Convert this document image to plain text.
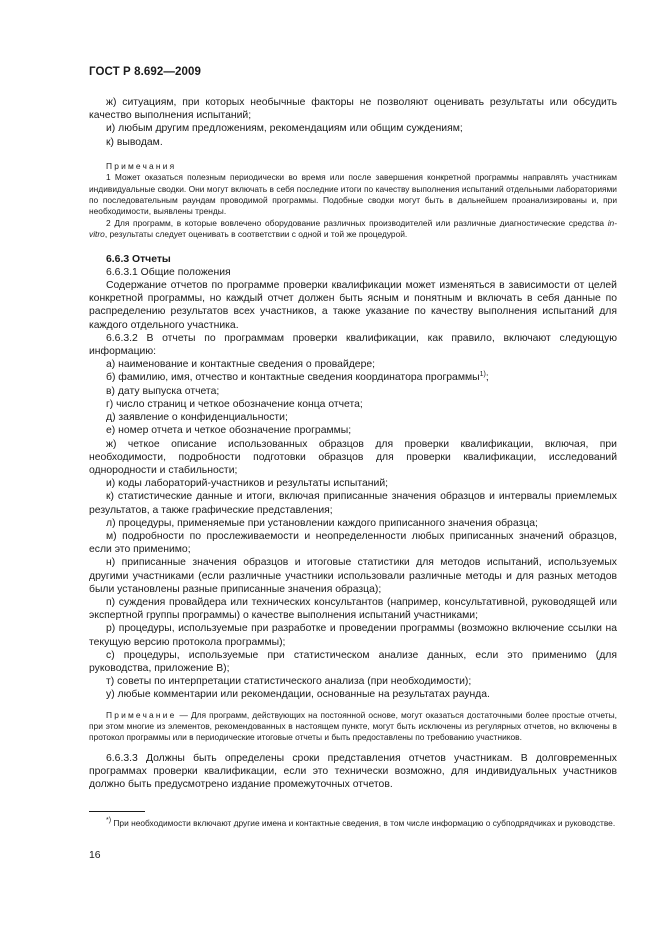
ГОСТ Р 8.692—2009

ж) ситуациям, при которых необычные факторы не позволяют оценивать результаты или обсудить качество выполнения испытаний;

и) любым другим предложениям, рекомендациям или общим суждениям;

к) выводам.

Примечания

1 Может оказаться полезным периодически во время или после завершения конкретной программы направлять участникам индивидуальные сводки. Они могут включать в себя последние итоги по качеству выполнения испытаний отдельными лабораториями по последовательным раундам проводимой программы. Подобные сводки могут быть в дальнейшем проанализированы и, при необходимости, выявлены тренды.

2 Для программ, в которые вовлечено оборудование различных производителей или различные диагностические средства in-vitro, результаты следует оценивать в соответствии с одной и той же процедурой.

6.6.3 Отчеты

6.6.3.1 Общие положения

Содержание отчетов по программе проверки квалификации может изменяться в зависимости от целей конкретной программы, но каждый отчет должен быть ясным и понятным и включать в себя данные по распределению результатов всех участников, а также указание по качеству выполнения испытаний для каждого отдельного участника.

6.6.3.2 В отчеты по программам проверки квалификации, как правило, включают следующую информацию:

а) наименование и контактные сведения о провайдере;

б) фамилию, имя, отчество и контактные сведения координатора программы$^{1)}$;

в) дату выпуска отчета;

г) число страниц и четкое обозначение конца отчета;

д) заявление о конфиденциальности;

е) номер отчета и четкое обозначение программы;

ж) четкое описание использованных образцов для проверки квалификации, включая, при необходимости, подробности подготовки образцов для проверки квалификации, исследований однородности и стабильности;

и) коды лабораторий-участников и результаты испытаний;

к) статистические данные и итоги, включая приписанные значения образцов и интервалы приемлемых результатов, а также графические представления;

л) процедуры, применяемые при установлении каждого приписанного значения образца;

м) подробности по прослеживаемости и неопределенности любых приписанных значений образцов, если это применимо;

н) приписанные значения образцов и итоговые статистики для методов испытаний, используемых другими участниками (если различные участники использовали различные методы и для разных методов были установлены разные приписанные значения образца);

п) суждения провайдера или технических консультантов (например, консультативной, руководящей или экспертной группы программы) о качестве выполнения испытаний участниками;

р) процедуры, используемые при разработке и проведении программы (возможно включение ссылки на текущую версию протокола программы);

с) процедуры, используемые при статистическом анализе данных, если это применимо (для руководства, приложение В);

т) советы по интерпретации статистического анализа (при необходимости);

у) любые комментарии или рекомендации, основанные на результатах раунда.

Примечание — Для программ, действующих на постоянной основе, могут оказаться достаточными более простые отчеты, при этом многие из элементов, рекомендованных в настоящем пункте, могут быть исключены из регулярных отчетов, но включены в протокол программы или в периодические итоговые отчеты и быть предоставлены по требованию участников.

6.6.3.3 Должны быть определены сроки представления отчетов участникам. В долговременных программах проверки квалификации, если это технически возможно, для индивидуальных участников должно быть предусмотрено издание промежуточных отчетов.

*) При необходимости включают другие имена и контактные сведения, в том числе информацию о субподрядчиках и руководстве.

16
